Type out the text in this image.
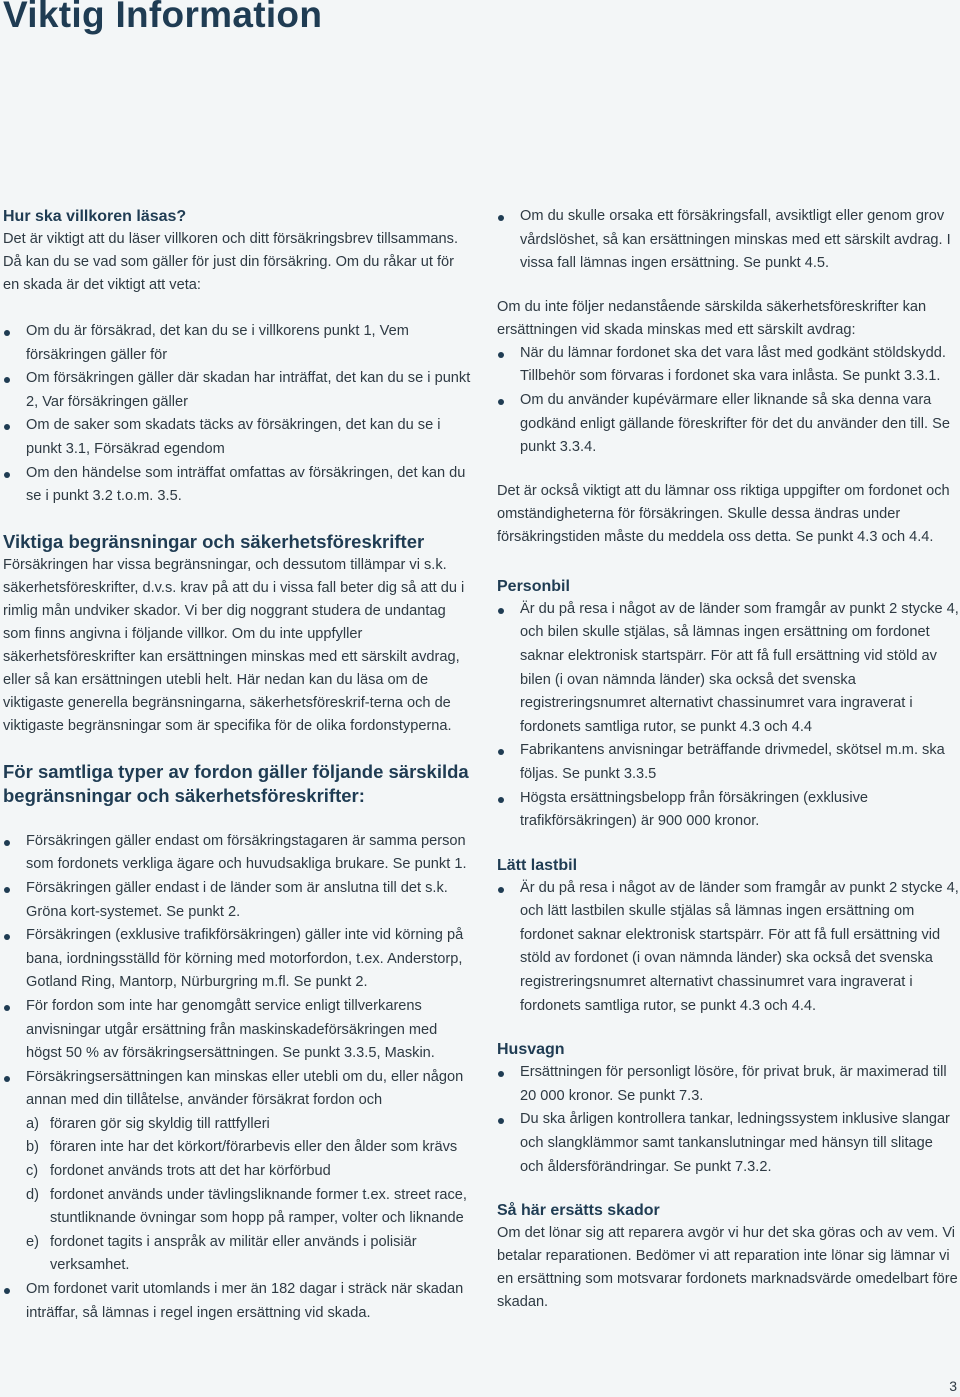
Viktig Information
Hur ska villkoren läsas?

Det är viktigt att du läser villkoren och ditt försäkringsbrev tillsammans. Då kan du se vad som gäller för just din försäkring. Om du råkar ut för en skada är det viktigt att veta:

Om du är försäkrad, det kan du se i villkorens punkt 1, Vem försäkringen gäller för
Om försäkringen gäller där skadan har inträffat, det kan du se i punkt 2, Var försäkringen gäller
Om de saker som skadats täcks av försäkringen, det kan du se i punkt 3.1, Försäkrad egendom
Om den händelse som inträffat omfattas av försäkringen, det kan du se i punkt 3.2 t.o.m. 3.5.
Viktiga begränsningar och säkerhetsföreskrifter

Försäkringen har vissa begränsningar, och dessutom tillämpar vi s.k. säkerhetsföreskrifter, d.v.s. krav på att du i vissa fall beter dig så att du i rimlig mån undviker skador. Vi ber dig noggrant studera de undantag som finns angivna i följande villkor. Om du inte uppfyller säkerhetsföreskrifter kan ersättningen minskas med ett särskilt avdrag, eller så kan ersättningen utebli helt. Här nedan kan du läsa om de viktigaste generella begränsningarna, säkerhetsföreskrif-terna och de viktigaste begränsningar som är specifika för de olika fordonstyperna.

För samtliga typer av fordon gäller följande särskilda begränsningar och säkerhetsföreskrifter:
Försäkringen gäller endast om försäkringstagaren är samma person som fordonets verkliga ägare och huvudsakliga brukare. Se punkt 1.
Försäkringen gäller endast i de länder som är anslutna till det s.k. Gröna kort-systemet. Se punkt 2.
Försäkringen (exklusive trafikförsäkringen) gäller inte vid körning på bana, iordningsställd för körning med motorfordon, t.ex. Anderstorp, Gotland Ring, Mantorp, Nürburgring m.fl. Se punkt 2.
För fordon som inte har genomgått service enligt tillverkarens anvisningar utgår ersättning från maskinskadeförsäkringen med högst 50 % av försäkringsersättningen. Se punkt 3.3.5, Maskin.
Försäkringsersättningen kan minskas eller utebli om du, eller någon annan med din tillåtelse, använder försäkrat fordon och
a) föraren gör sig skyldig till rattfylleri
b) föraren inte har det körkort/förarbevis eller den ålder som krävs
c) fordonet används trots att det har körförbud
d) fordonet används under tävlingsliknande former t.ex. street race, stuntliknande övningar som hopp på ramper, volter och liknande
e) fordonet tagits i anspråk av militär eller används i polisiär verksamhet.
Om fordonet varit utomlands i mer än 182 dagar i sträck när skadan inträffar, så lämnas i regel ingen ersättning vid skada.
Om du skulle orsaka ett försäkringsfall, avsiktligt eller genom grov vårdslöshet, så kan ersättningen minskas med ett särskilt avdrag. I vissa fall lämnas ingen ersättning. Se punkt 4.5.

Om du inte följer nedanstående särskilda säkerhetsföreskrifter kan ersättningen vid skada minskas med ett särskilt avdrag:

När du lämnar fordonet ska det vara låst med godkänt stöldskydd. Tillbehör som förvaras i fordonet ska vara inlåsta. Se punkt 3.3.1.
Om du använder kupévärmare eller liknande så ska denna vara godkänd enligt gällande föreskrifter för det du använder den till. Se punkt 3.3.4.

Det är också viktigt att du lämnar oss riktiga uppgifter om fordonet och omständigheterna för försäkringen. Skulle dessa ändras under försäkringstiden måste du meddela oss detta. Se punkt 4.3 och 4.4.

Personbil
Är du på resa i något av de länder som framgår av punkt 2 stycke 4, och bilen skulle stjälas, så lämnas ingen ersättning om fordonet saknar elektronisk startspärr. För att få full ersättning vid stöld av bilen (i ovan nämnda länder) ska också det svenska registreringsnumret alternativt chassinumret vara ingraverat i fordonets samtliga rutor, se punkt 4.3 och 4.4
Fabrikantens anvisningar beträffande drivmedel, skötsel m.m. ska följas. Se punkt 3.3.5
Högsta ersättningsbelopp från försäkringen (exklusive trafikförsäkringen) är 900 000 kronor.
Lätt lastbil
Är du på resa i något av de länder som framgår av punkt 2 stycke 4, och lätt lastbilen skulle stjälas så lämnas ingen ersättning om fordonet saknar elektronisk startspärr. För att få full ersättning vid stöld av fordonet (i ovan nämnda länder) ska också det svenska registreringsnumret alternativt chassinumret vara ingraverat i fordonets samtliga rutor, se punkt 4.3 och 4.4.
Husvagn
Ersättningen för personligt lösöre, för privat bruk, är maximerad till 20 000 kronor. Se punkt 7.3.
Du ska årligen kontrollera tankar, ledningssystem inklusive slangar och slangklämmor samt tankanslutningar med hänsyn till slitage och åldersförändringar. Se punkt 7.3.2.
Så här ersätts skador

Om det lönar sig att reparera avgör vi hur det ska göras och av vem. Vi betalar reparationen. Bedömer vi att reparation inte lönar sig lämnar vi en ersättning som motsvarar fordonets marknadsvärde omedelbart före skadan.

3
